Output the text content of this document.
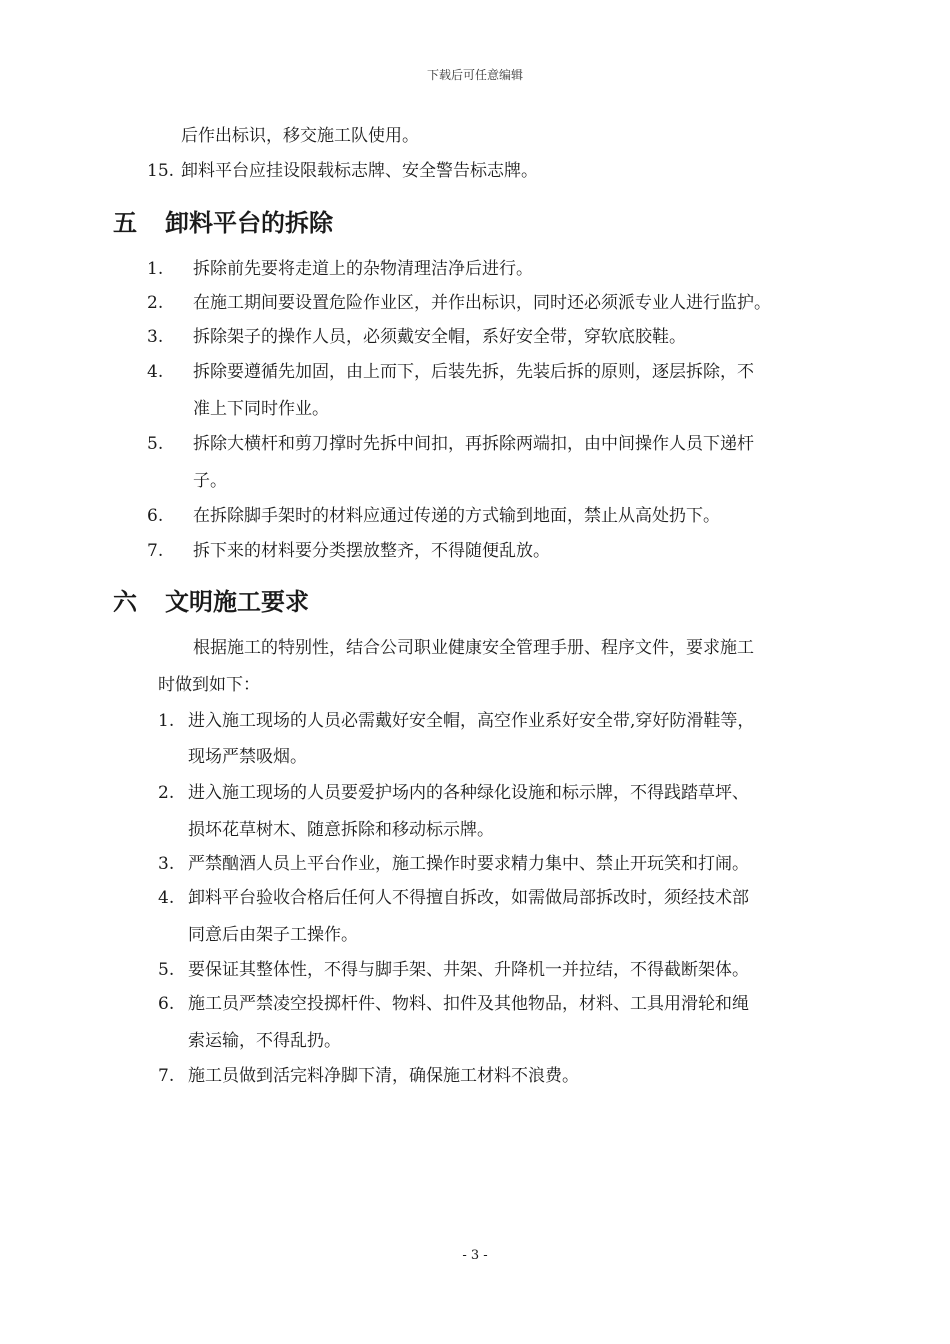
下载后可任意编辑
后作出标识，移交施工队使用。
15. 卸料平台应挂设限载标志牌、安全警告标志牌。
五 卸料平台的拆除
1. 拆除前先要将走道上的杂物清理洁净后进行。
2. 在施工期间要设置危险作业区，并作出标识，同时还必须派专业人进行监护。
3. 拆除架子的操作人员，必须戴安全帽，系好安全带，穿软底胶鞋。
4. 拆除要遵循先加固，由上而下，后装先拆，先装后拆的原则，逐层拆除，不
准上下同时作业。
5. 拆除大横杆和剪刀撑时先拆中间扣，再拆除两端扣，由中间操作人员下递杆
子。
6. 在拆除脚手架时的材料应通过传递的方式输到地面，禁止从高处扔下。
7. 拆下来的材料要分类摆放整齐，不得随便乱放。
六 文明施工要求
根据施工的特别性，结合公司职业健康安全管理手册、程序文件，要求施工
时做到如下：
1. 进入施工现场的人员必需戴好安全帽，高空作业系好安全带,穿好防滑鞋等，
现场严禁吸烟。
2. 进入施工现场的人员要爱护场内的各种绿化设施和标示牌，不得践踏草坪、
损坏花草树木、随意拆除和移动标示牌。
3. 严禁酗酒人员上平台作业，施工操作时要求精力集中、禁止开玩笑和打闹。
4. 卸料平台验收合格后任何人不得擅自拆改，如需做局部拆改时，须经技术部
同意后由架子工操作。
5. 要保证其整体性，不得与脚手架、井架、升降机一并拉结，不得截断架体。
6. 施工员严禁凌空投掷杆件、物料、扣件及其他物品，材料、工具用滑轮和绳
索运输，不得乱扔。
7. 施工员做到活完料净脚下清，确保施工材料不浪费。
- 3 -
